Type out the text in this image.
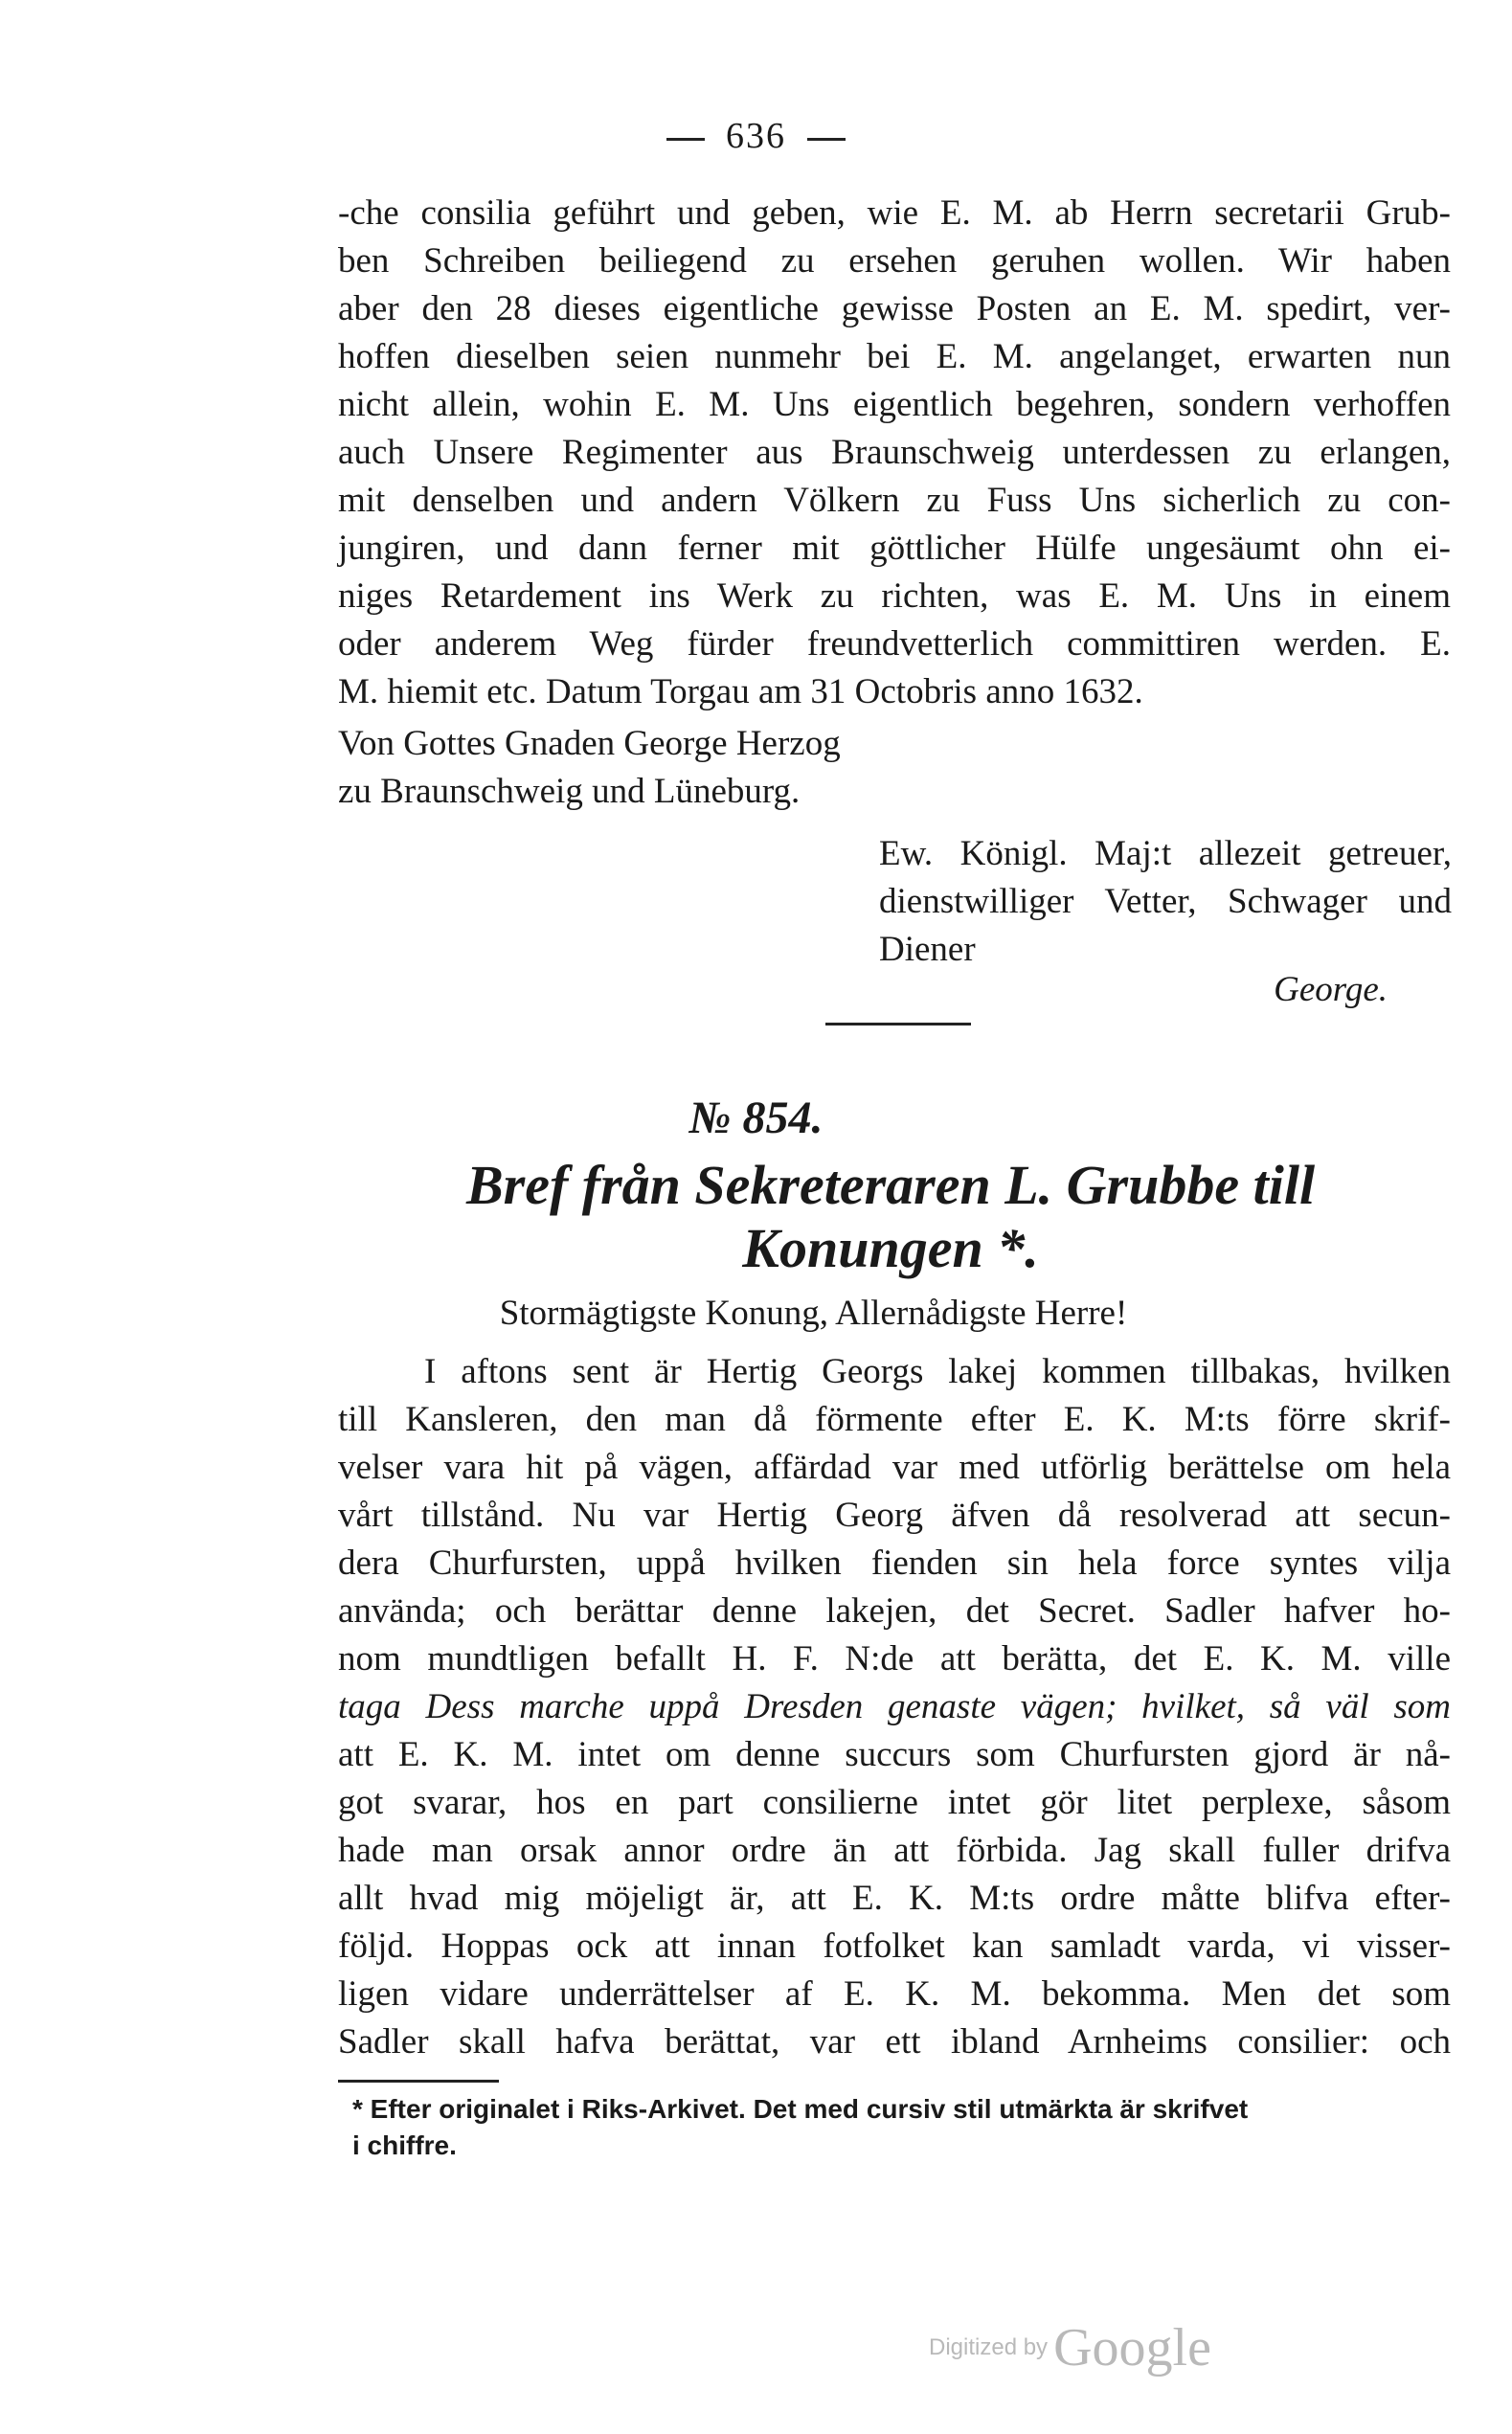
636
-che consilia geführt und geben, wie E. M. ab Herrn secretarii Grub-
ben Schreiben beiliegend zu ersehen geruhen wollen. Wir haben
aber den 28 dieses eigentliche gewisse Posten an E. M. spedirt, ver-
hoffen dieselben seien nunmehr bei E. M. angelanget, erwarten nun
nicht allein, wohin E. M. Uns eigentlich begehren, sondern verhoffen
auch Unsere Regimenter aus Braunschweig unterdessen zu erlangen,
mit denselben und andern Völkern zu Fuss Uns sicherlich zu con-
jungiren, und dann ferner mit göttlicher Hülfe ungesäumt ohn ei-
niges Retardement ins Werk zu richten, was E. M. Uns in einem
oder anderem Weg fürder freundvetterlich committiren werden. E.
M. hiemit etc. Datum Torgau am 31 Octobris anno 1632.
Von Gottes Gnaden George Herzog
zu Braunschweig und Lüneburg.
Ew. Königl. Maj:t allezeit getreuer,
dienstwilliger Vetter, Schwager und
Diener
George.
№ 854.
Bref från Sekreteraren L. Grubbe till
Konungen *.
Stormägtigste Konung, Allernådigste Herre!
I aftons sent är Hertig Georgs lakej kommen tillbakas, hvilken
till Kansleren, den man då förmente efter E. K. M:ts förre skrif-
velser vara hit på vägen, affärdad var med utförlig berättelse om hela
vårt tillstånd. Nu var Hertig Georg äfven då resolverad att secun-
dera Churfursten, uppå hvilken fienden sin hela force syntes vilja
använda; och berättar denne lakejen, det Secret. Sadler hafver ho-
nom mundtligen befallt H. F. N:de att berätta, det E. K. M. ville
taga Dess marche uppå Dresden genaste vägen; hvilket, så väl som
att E. K. M. intet om denne succurs som Churfursten gjord är nå-
got svarar, hos en part consilierne intet gör litet perplexe, såsom
hade man orsak annor ordre än att förbida. Jag skall fuller drifva
allt hvad mig möjeligt är, att E. K. M:ts ordre måtte blifva efter-
följd. Hoppas ock att innan fotfolket kan samladt varda, vi visser-
ligen vidare underrättelser af E. K. M. bekomma. Men det som
Sadler skall hafva berättat, var ett ibland Arnheims consilier: och
* Efter originalet i Riks-Arkivet. Det med cursiv stil utmärkta är skrifvet
i chiffre.
Digitized by Google
